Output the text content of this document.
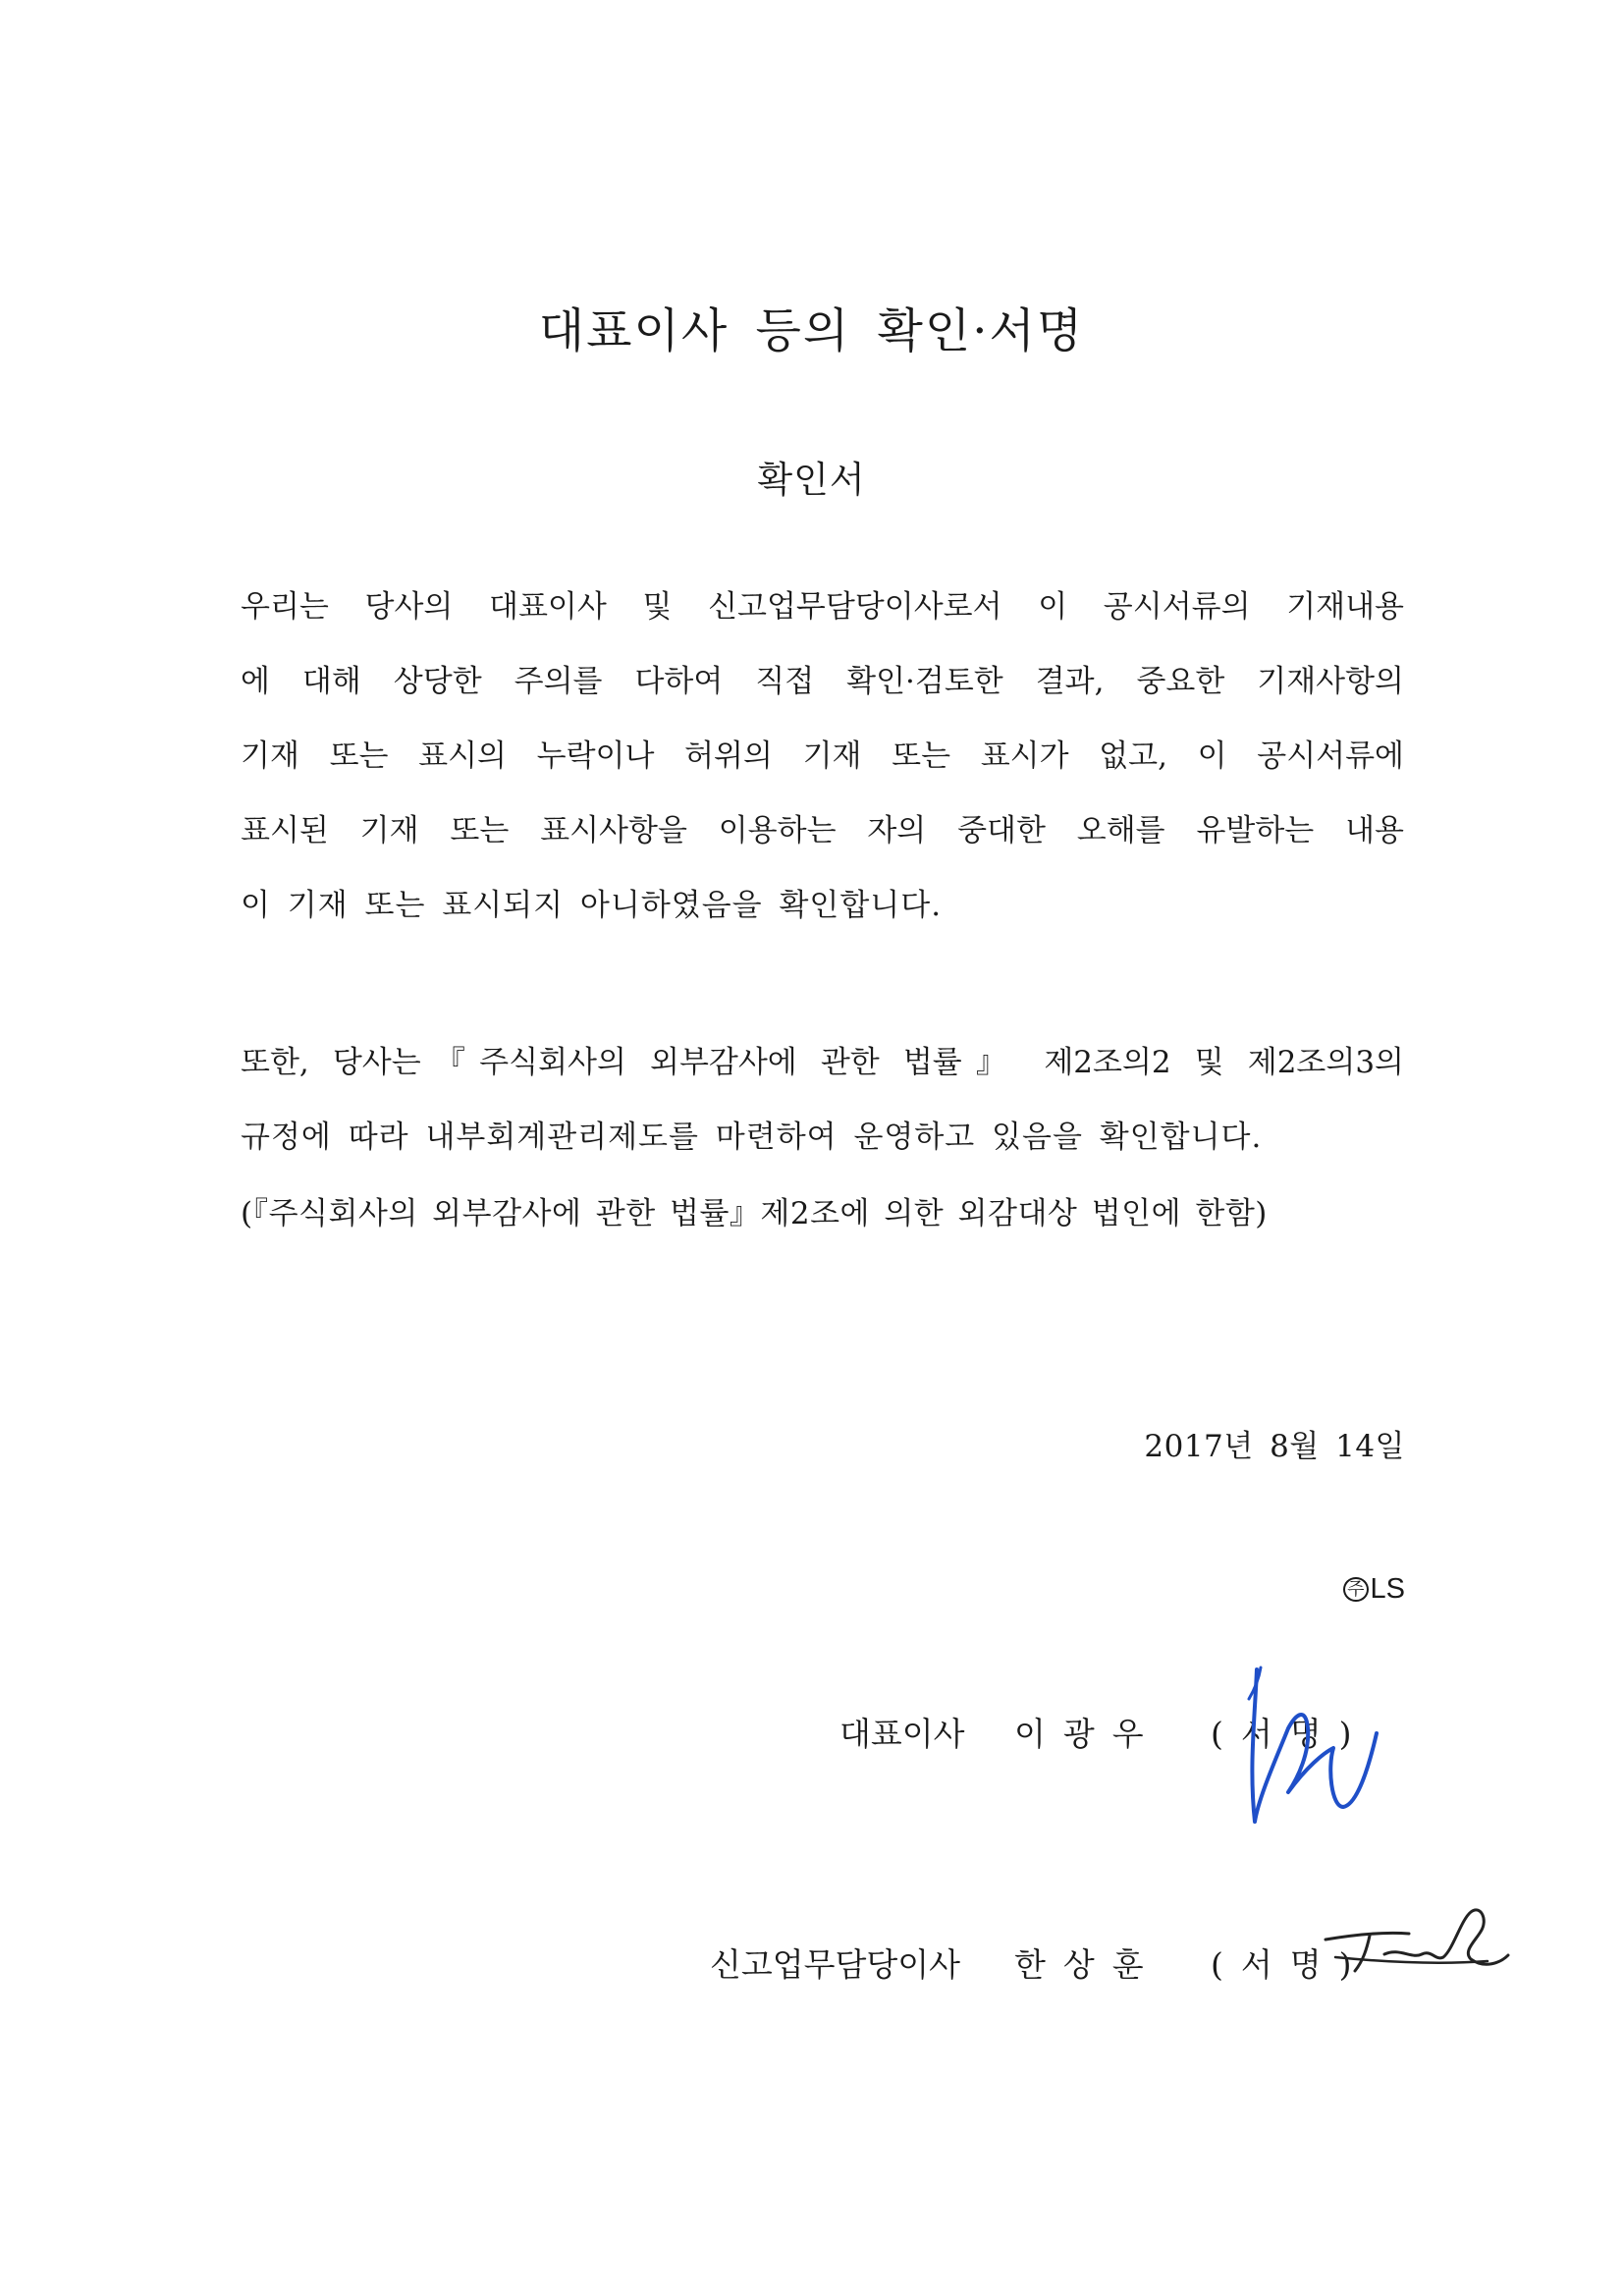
대표이사 등의 확인·서명
확인서
우리는 당사의 대표이사 및 신고업무담당이사로서 이 공시서류의 기재내용
에 대해 상당한 주의를 다하여 직접 확인·검토한 결과, 중요한 기재사항의
기재 또는 표시의 누락이나 허위의 기재 또는 표시가 없고, 이 공시서류에
표시된 기재 또는 표시사항을 이용하는 자의 중대한 오해를 유발하는 내용
이 기재 또는 표시되지 아니하였음을 확인합니다.
또한, 당사는『주식회사의 외부감사에 관한 법률』 제2조의2 및 제2조의3의
규정에 따라 내부회계관리제도를 마련하여 운영하고 있음을 확인합니다.
(『주식회사의 외부감사에 관한 법률』제2조에 의한 외감대상 법인에 한함)
2017년 8월 14일
주 LS
대표이사 이광우 (서명)
신고업무담당이사 한상훈 (서명)
